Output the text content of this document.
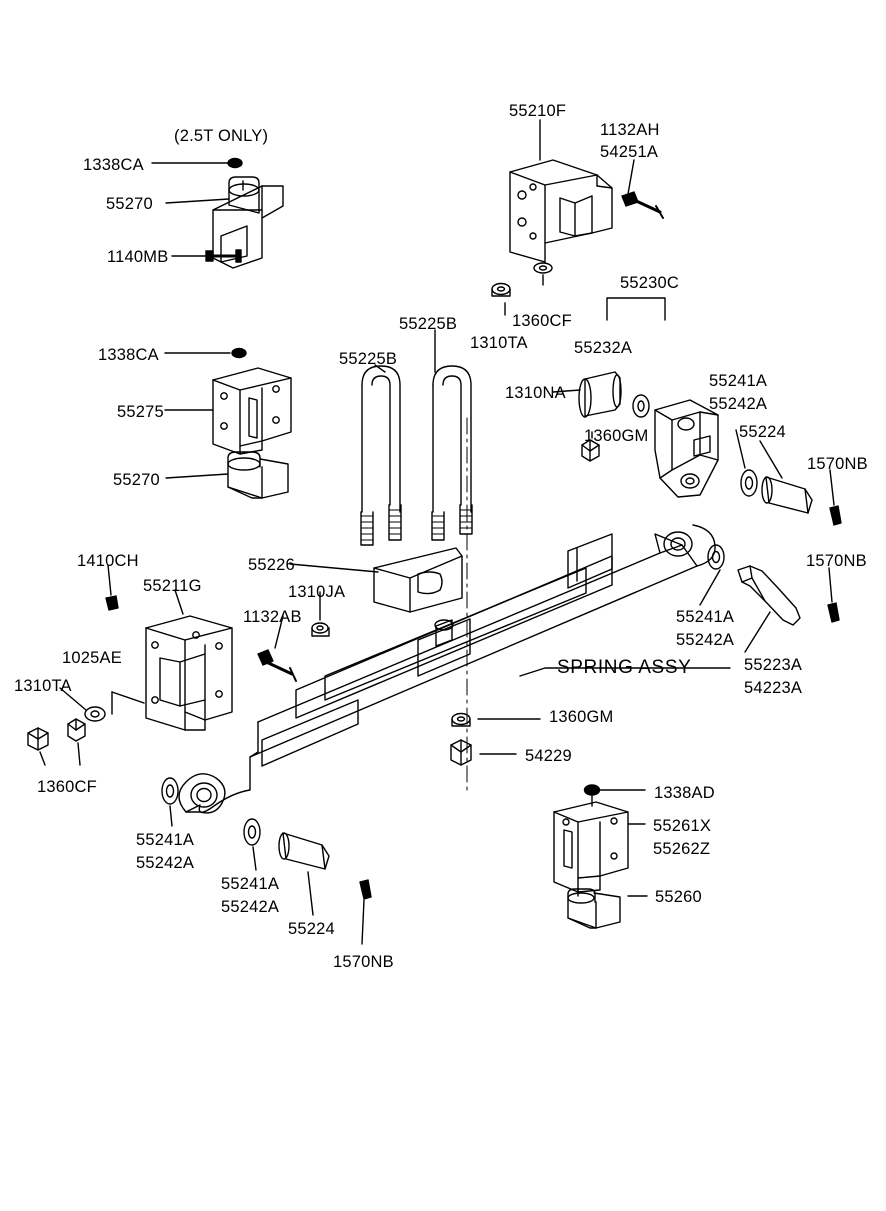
(2.5T ONLY)
1338CA
55270
1140MB
55210F
1132AH
54251A
1360CF
1310TA
55230C
55232A
1310NA
1360GM
55225B
55225B
1338CA
55275
55270
55241A
55242A
55224
1570NB
1570NB
55241A
55242A
55223A
54223A
1410CH
55211G
55226
1310JA
1132AB
1025AE
1310TA
1360CF
1360GM
54229
SPRING ASSY
55241A
55242A
55241A
55242A
55224
1570NB
1338AD
55261X
55262Z
55260
